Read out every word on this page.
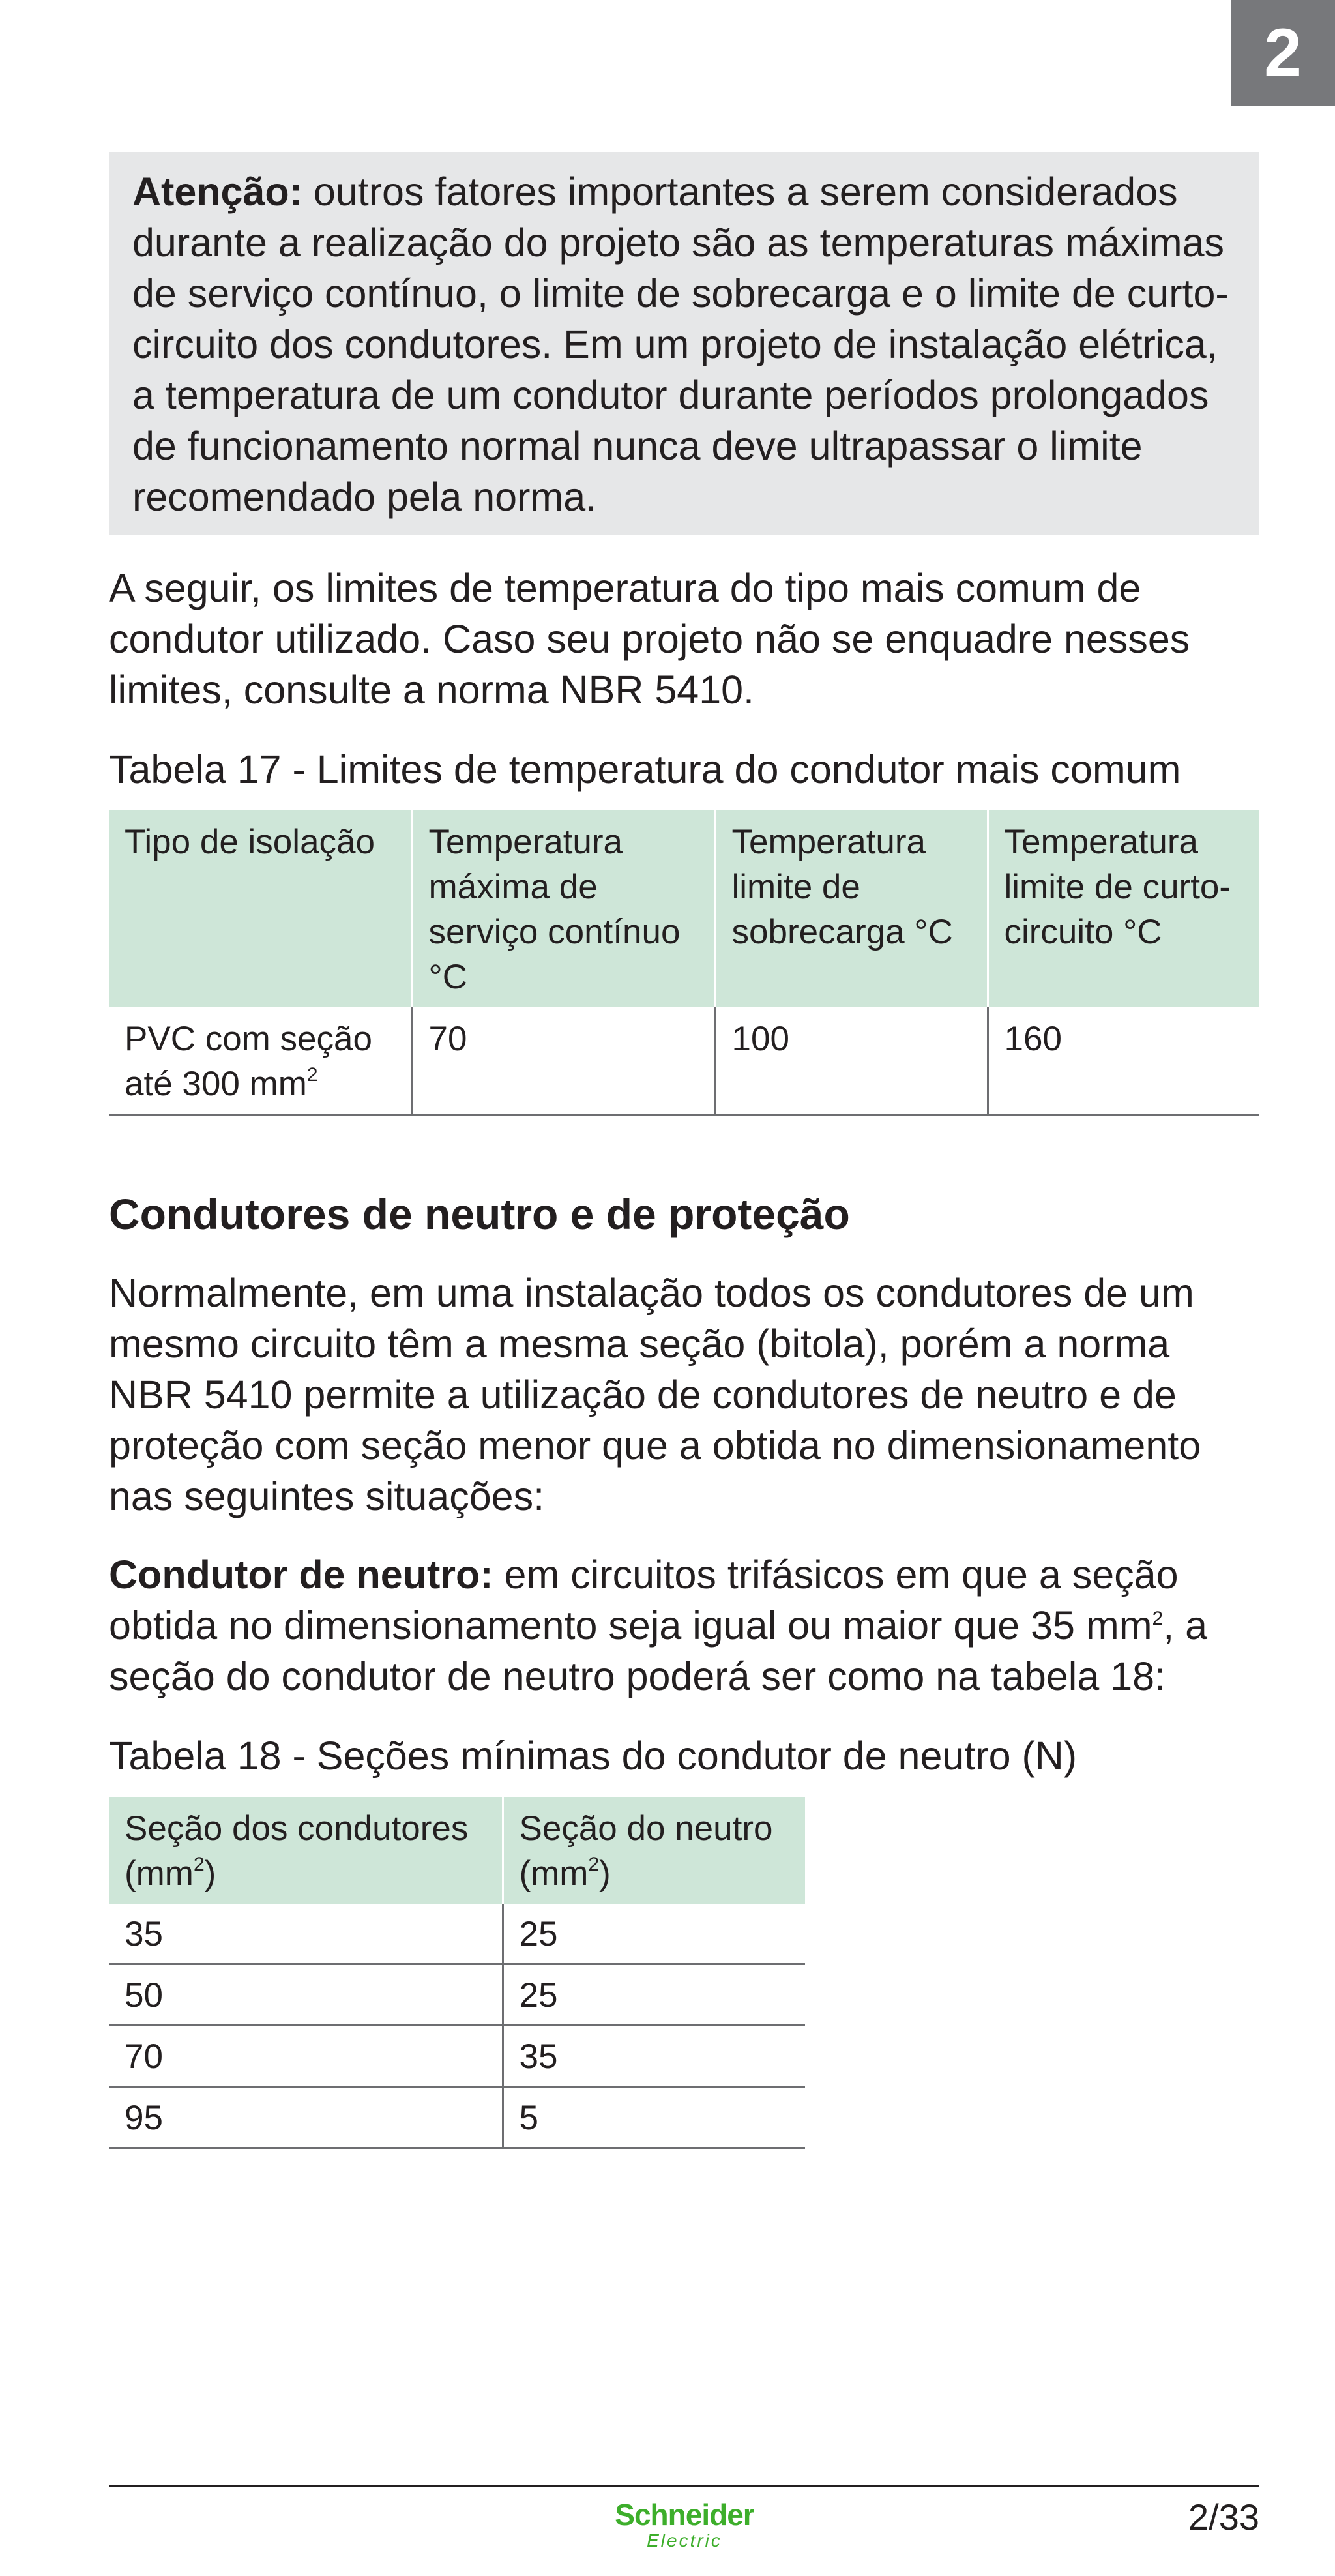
2
Atenção: outros fatores importantes a serem considerados durante a realização do projeto são as temperaturas máximas de serviço contínuo, o limite de sobrecarga e o limite de curto-circuito dos condutores. Em um projeto de instalação elétrica, a temperatura de um condutor durante períodos prolongados de funcionamento normal nunca deve ultrapassar o limite recomendado pela norma.
A seguir, os limites de temperatura do tipo mais comum de condutor utilizado. Caso seu projeto não se enquadre nesses limites, consulte a norma NBR 5410.
Tabela 17 - Limites de temperatura do condutor mais comum
Tipo de isolação	Temperatura máxima de serviço contínuo °C	Temperatura limite de sobrecarga °C	Temperatura limite de curto-circuito °C
PVC com seção até 300 $mm^2$	70	100	160
Condutores de neutro e de proteção
Normalmente, em uma instalação todos os condutores de um mesmo circuito têm a mesma seção (bitola), porém a norma NBR 5410 permite a utilização de condutores de neutro e de proteção com seção menor que a obtida no dimensionamento nas seguintes situações:
Condutor de neutro: em circuitos trifásicos em que a seção obtida no dimensionamento seja igual ou maior que 35 $mm^2$, a seção do condutor de neutro poderá ser como na tabela 18:
Tabela 18 - Seções mínimas do condutor de neutro (N)
Seção dos condutores $(mm^2)$	Seção do neutro $(mm^2)$
35	25
50	25
70	35
95	5
Schneider
Electric
2/33
